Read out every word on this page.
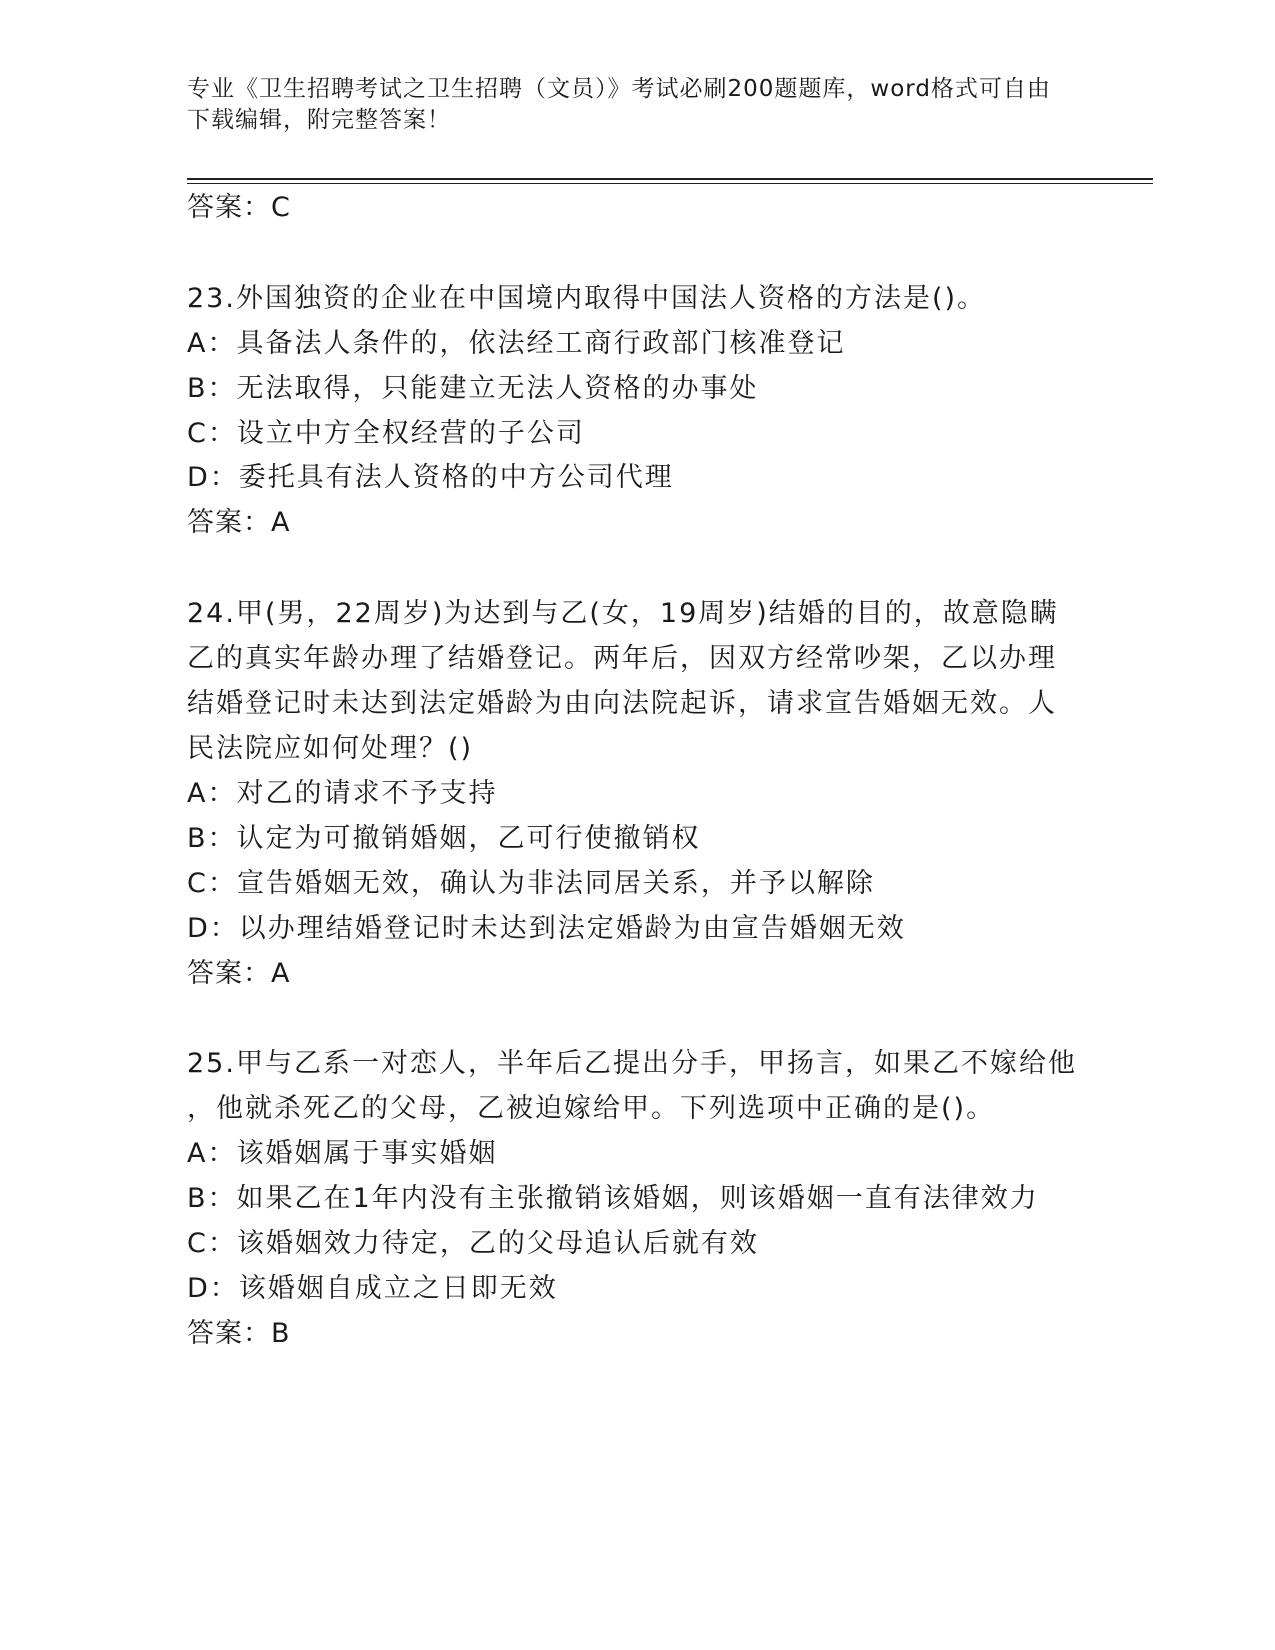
专业《卫生招聘考试之卫生招聘（文员）》考试必刷200题题库，word格式可自由下载编辑，附完整答案！
答案：C
23.外国独资的企业在中国境内取得中国法人资格的方法是()。
A：具备法人条件的，依法经工商行政部门核准登记
B：无法取得，只能建立无法人资格的办事处
C：设立中方全权经营的子公司
D：委托具有法人资格的中方公司代理
答案：A
24.甲(男，22周岁)为达到与乙(女，19周岁)结婚的目的，故意隐瞒
乙的真实年龄办理了结婚登记。两年后，因双方经常吵架，乙以办理
结婚登记时未达到法定婚龄为由向法院起诉，请求宣告婚姻无效。人
民法院应如何处理？()
A：对乙的请求不予支持
B：认定为可撤销婚姻，乙可行使撤销权
C：宣告婚姻无效，确认为非法同居关系，并予以解除
D：以办理结婚登记时未达到法定婚龄为由宣告婚姻无效
答案：A
25.甲与乙系一对恋人，半年后乙提出分手，甲扬言，如果乙不嫁给他
，他就杀死乙的父母，乙被迫嫁给甲。下列选项中正确的是()。
A：该婚姻属于事实婚姻
B：如果乙在1年内没有主张撤销该婚姻，则该婚姻一直有法律效力
C：该婚姻效力待定，乙的父母追认后就有效
D：该婚姻自成立之日即无效
答案：B
